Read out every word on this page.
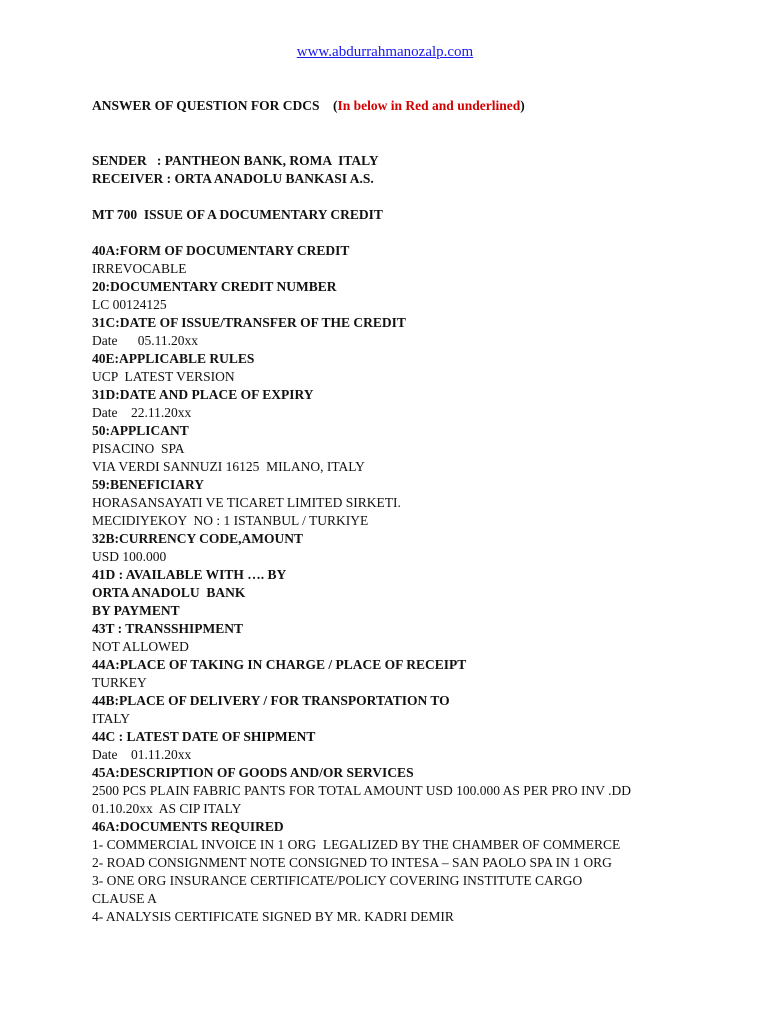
www.abdurrahmanozalp.com
ANSWER OF QUESTION FOR CDCS (In below in Red and underlined)
SENDER   : PANTHEON BANK, ROMA  ITALY
RECEIVER : ORTA ANADOLU BANKASI A.S.
MT 700  ISSUE OF A DOCUMENTARY CREDIT
40A:FORM OF DOCUMENTARY CREDIT
IRREVOCABLE
20:DOCUMENTARY CREDIT NUMBER
LC 00124125
31C:DATE OF ISSUE/TRANSFER OF THE CREDIT
Date      05.11.20xx
40E:APPLICABLE RULES
UCP  LATEST VERSION
31D:DATE AND PLACE OF EXPIRY
Date    22.11.20xx
50:APPLICANT
PISACINO  SPA
VIA VERDI SANNUZI 16125  MILANO, ITALY
59:BENEFICIARY
HORASANSAYATI VE TICARET LIMITED SIRKETI.
MECIDIYEKOY  NO : 1 ISTANBUL / TURKIYE
32B:CURRENCY CODE,AMOUNT
USD 100.000
41D : AVAILABLE WITH …. BY
ORTA ANADOLU  BANK
BY PAYMENT
43T : TRANSSHIPMENT
NOT ALLOWED
44A:PLACE OF TAKING IN CHARGE / PLACE OF RECEIPT
TURKEY
44B:PLACE OF DELIVERY / FOR TRANSPORTATION TO
ITALY
44C : LATEST DATE OF SHIPMENT
Date    01.11.20xx
45A:DESCRIPTION OF GOODS AND/OR SERVICES
2500 PCS PLAIN FABRIC PANTS FOR TOTAL AMOUNT USD 100.000 AS PER PRO INV .DD
01.10.20xx  AS CIP ITALY
46A:DOCUMENTS REQUIRED
1- COMMERCIAL INVOICE IN 1 ORG  LEGALIZED BY THE CHAMBER OF COMMERCE
2- ROAD CONSIGNMENT NOTE CONSIGNED TO INTESA – SAN PAOLO SPA IN 1 ORG
3- ONE ORG INSURANCE CERTIFICATE/POLICY COVERING INSTITUTE CARGO
CLAUSE A
4- ANALYSIS CERTIFICATE SIGNED BY MR. KADRI DEMIR
